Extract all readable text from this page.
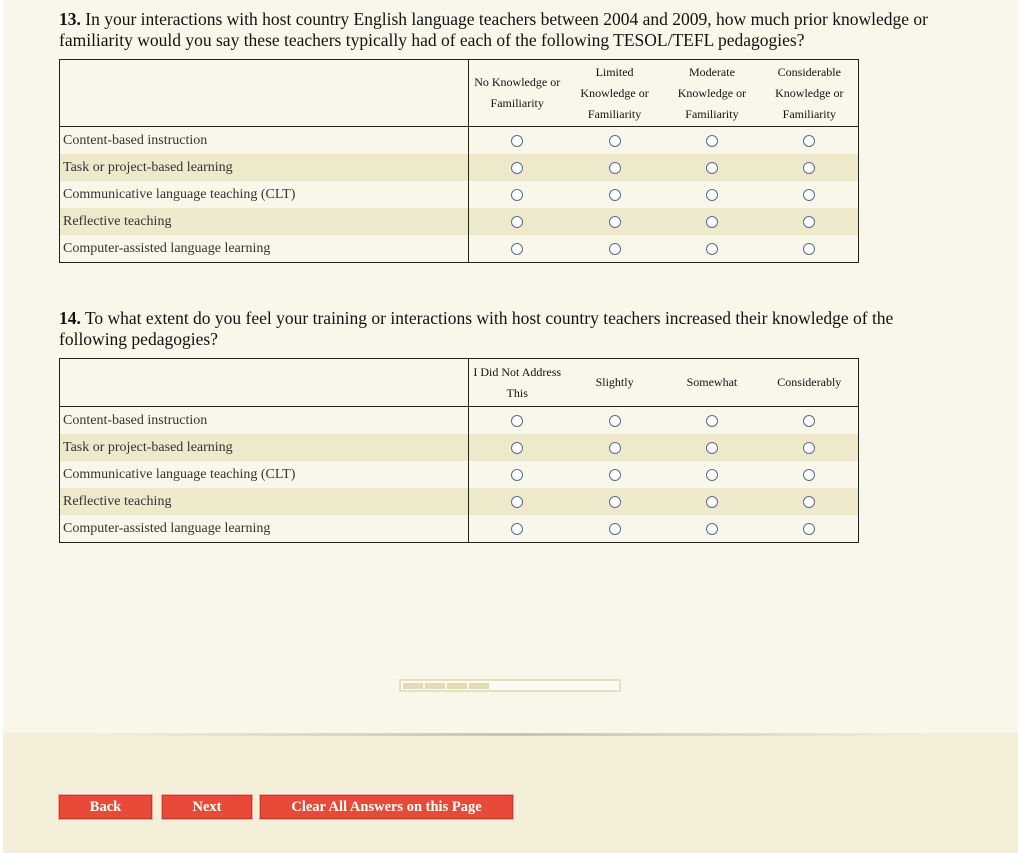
13. In your interactions with host country English language teachers between 2004 and 2009, how much prior knowledge or familiarity would you say these teachers typically had of each of the following TESOL/TEFL pedagogies?
	No Knowledge or Familiarity	Limited Knowledge or Familiarity	Moderate Knowledge or Familiarity	Considerable Knowledge or Familiarity
Content-based instruction				
Task or project-based learning				
Communicative language teaching (CLT)				
Reflective teaching				
Computer-assisted language learning				
14. To what extent do you feel your training or interactions with host country teachers increased their knowledge of the following pedagogies?
	I Did Not Address This	Slightly	Somewhat	Considerably
Content-based instruction				
Task or project-based learning				
Communicative language teaching (CLT)				
Reflective teaching				
Computer-assisted language learning				
Back	Next	Clear All Answers on this Page
